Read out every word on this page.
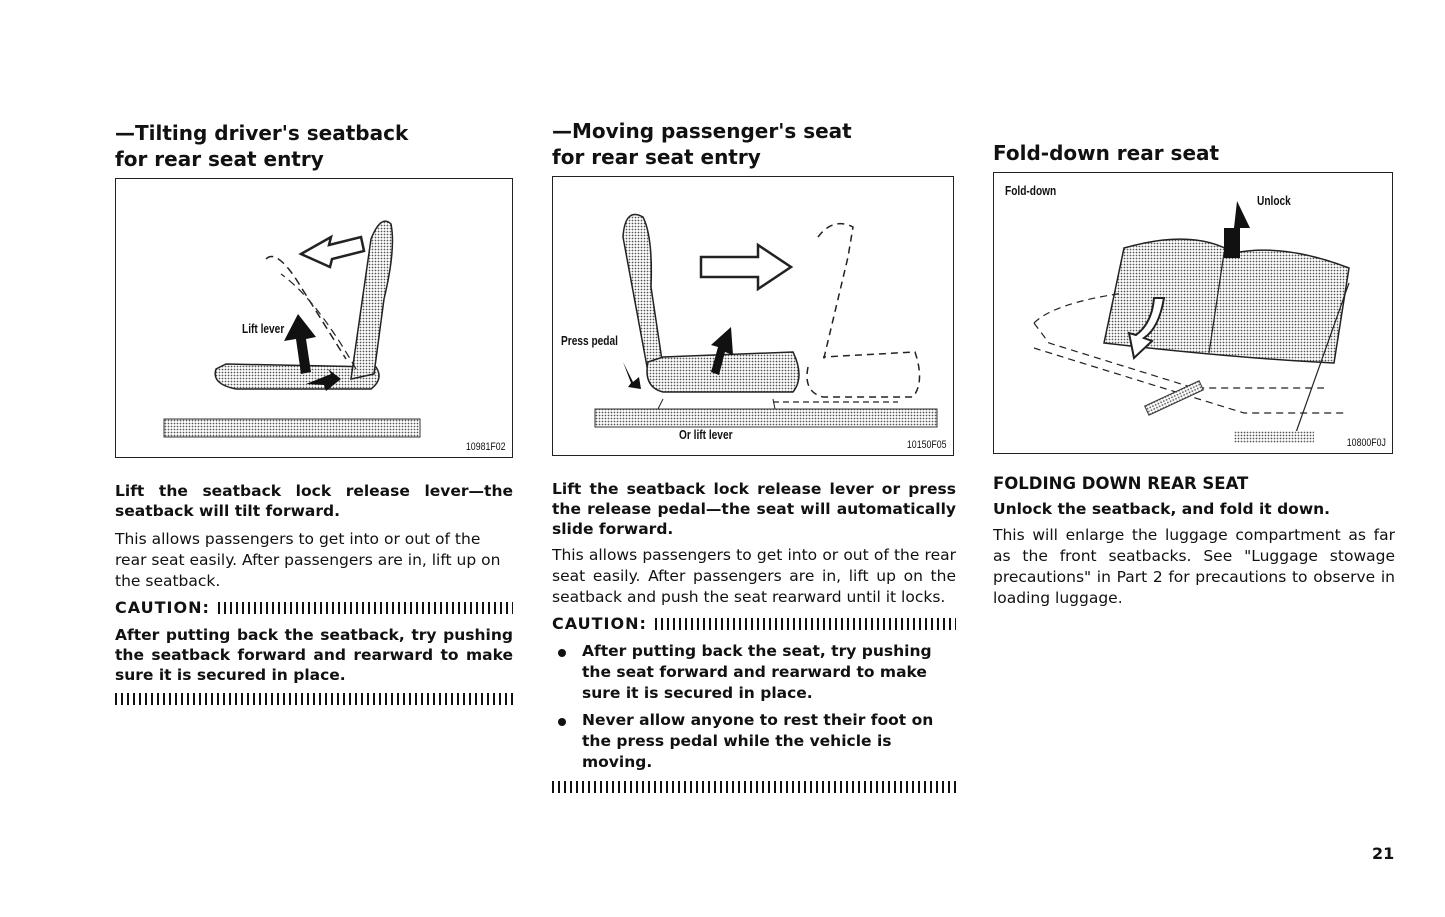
—Tilting driver's seatback
for rear seat entry
Lift lever
10981F02

Lift the seatback lock release lever—the seatback will tilt forward.

This allows passengers to get into or out of the rear seat easily. After passengers are in, lift up on the seatback.

CAUTION:

After putting back the seatback, try pushing the seatback forward and rearward to make sure it is secured in place.

—Moving passenger's seat
for rear seat entry
Press pedal
Or lift lever
10150F05

Lift the seatback lock release lever or press the release pedal—the seat will automatically slide forward.

This allows passengers to get into or out of the rear seat easily. After passengers are in, lift up on the seatback and push the seat rearward until it locks.

CAUTION:
After putting back the seat, try pushing the seat forward and rearward to make sure it is secured in place.
Never allow anyone to rest their foot on the press pedal while the vehicle is moving.
Fold-down rear seat
Fold-down
Unlock
10800F0J

FOLDING DOWN REAR SEAT

Unlock the seatback, and fold it down.

This will enlarge the luggage compartment as far as the front seatbacks. See "Luggage stowage precautions" in Part 2 for precautions to observe in loading luggage.

21
